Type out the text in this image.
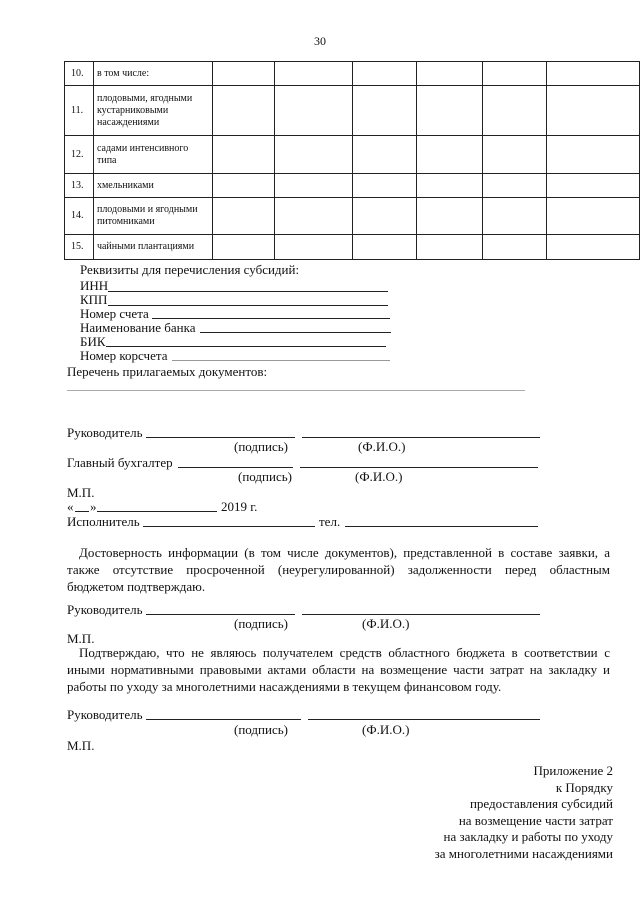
30
10.	в том числе:						
11.	плодовыми, ягодными кустарниковыми насаждениями						
12.	садами интенсивного типа						
13.	хмельниками						
14.	плодовыми и ягодными питомниками						
15.	чайными плантациями						
Реквизиты для перечисления субсидий:
ИНН
КПП
Номер счета
Наименование банка
БИК
Номер корсчета
Перечень прилагаемых документов:
Руководитель
(подпись)	(Ф.И.О.)
Главный бухгалтер
(подпись)	(Ф.И.О.)
М.П.
« »	2019 г.
Исполнитель	тел.
Достоверность информации (в том числе документов), представленной в составе заявки, а также отсутствие просроченной (неурегулированной) задолженности перед областным бюджетом подтверждаю.
Руководитель
(подпись)	(Ф.И.О.)
М.П.
Подтверждаю, что не являюсь получателем средств областного бюджета в соответствии с иными нормативными правовыми актами области на возмещение части затрат на закладку и работы по уходу за многолетними насаждениями в текущем финансовом году.
Руководитель
(подпись)	(Ф.И.О.)
М.П.
Приложение 2
к Порядку
предоставления субсидий
на возмещение части затрат
на закладку и работы по уходу
за многолетними насаждениями
